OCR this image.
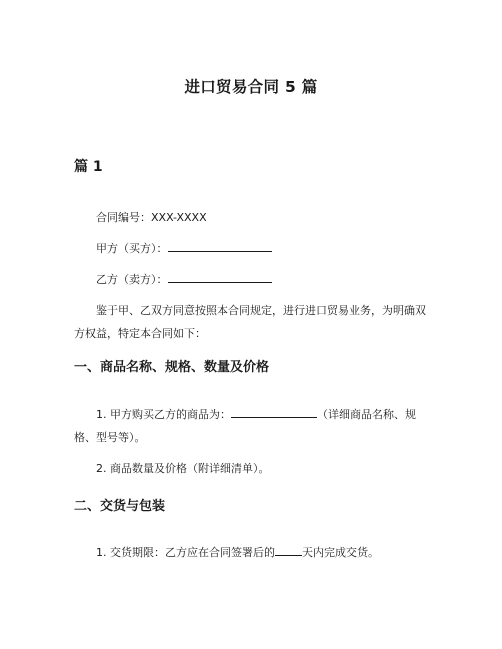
进口贸易合同 5 篇
篇 1
合同编号：XXX-XXXX
甲方（买方）：
乙方（卖方）：
鉴于甲、乙双方同意按照本合同规定，进行进口贸易业务，为明确双方权益，特定本合同如下：
一、商品名称、规格、数量及价格
1. 甲方购买乙方的商品为：	（详细商品名称、规格、型号等）。
2. 商品数量及价格（附详细清单）。
二、交货与包装
1. 交货期限：乙方应在合同签署后的 天内完成交货。
